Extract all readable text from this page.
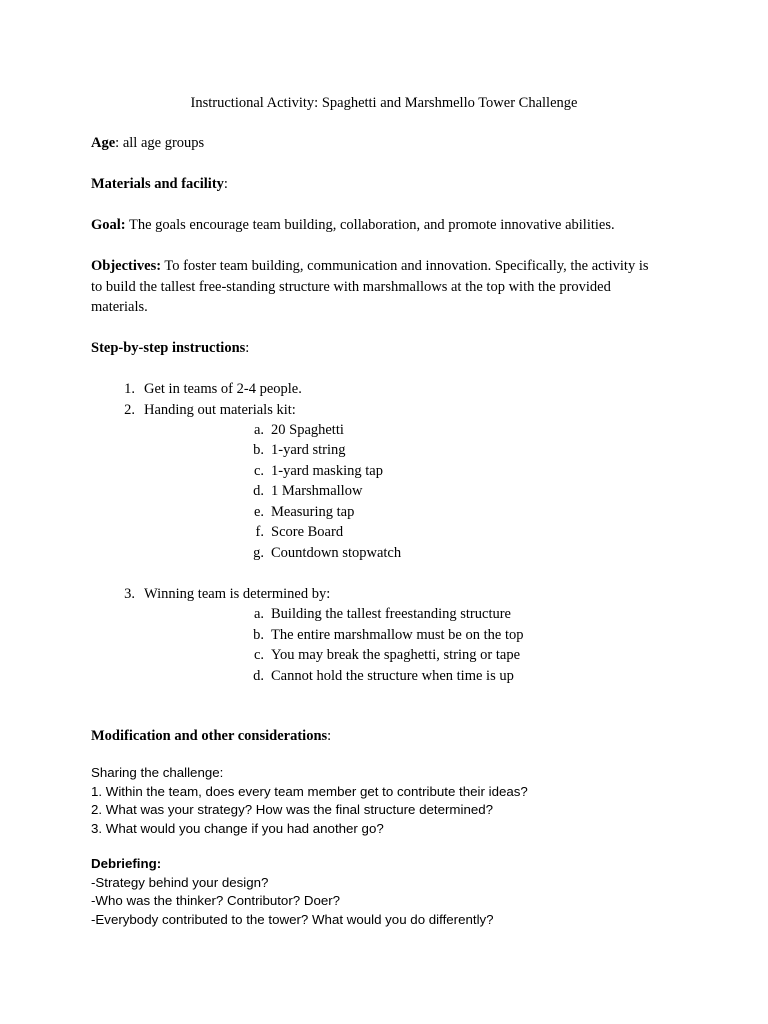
Instructional Activity: Spaghetti and Marshmello Tower Challenge
Age: all age groups
Materials and facility:
Goal: The goals encourage team building, collaboration, and promote innovative abilities.
Objectives: To foster team building, communication and innovation. Specifically, the activity is
to build the tallest free-standing structure with marshmallows at the top with the provided
materials.
Step-by-step instructions:
1. Get in teams of 2-4 people.
2. Handing out materials kit:
a. 20 Spaghetti
b. 1-yard string
c. 1-yard masking tap
d. 1 Marshmallow
e. Measuring tap
f. Score Board
g. Countdown stopwatch
3. Winning team is determined by:
a. Building the tallest freestanding structure
b. The entire marshmallow must be on the top
c. You may break the spaghetti, string or tape
d. Cannot hold the structure when time is up
Modification and other considerations:
Sharing the challenge:
1. Within the team, does every team member get to contribute their ideas?
2. What was your strategy? How was the final structure determined?
3. What would you change if you had another go?
Debriefing:
-Strategy behind your design?
-Who was the thinker? Contributor? Doer?
-Everybody contributed to the tower? What would you do differently?
